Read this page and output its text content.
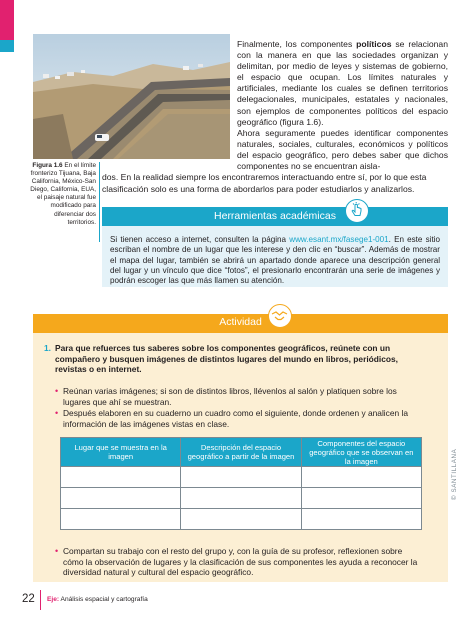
Figura 1.6 En el límite fronterizo Tijuana, Baja California, México-San Diego, California, EUA, el paisaje natural fue modificado para diferenciar dos territorios.
Finalmente, los componentes políticos se relacionan con la manera en que las sociedades organizan y delimitan, por medio de leyes y sistemas de gobierno, el espacio que ocupan. Los límites naturales y artificiales, mediante los cuales se definen territorios delegacionales, municipales, estatales y nacionales, son ejemplos de componentes políticos del espacio geográfico (figura 1.6).
Ahora seguramente puedes identificar componentes naturales, sociales, culturales, económicos y políticos del espacio geográfico, pero debes saber que dichos componentes no se encuentran aisla-
dos. En la realidad siempre los encontraremos interactuando entre sí, por lo que esta
clasificación solo es una forma de abordarlos para poder estudiarlos y analizarlos.
Herramientas académicas
Si tienen acceso a internet, consulten la página www.esant.mx/fasege1-001. En este sitio escriban el nombre de un lugar que les interese y den clic en “buscar”. Además de mostrar el mapa del lugar, también se abrirá un apartado donde aparece una descripción general del lugar y un vínculo que dice “fotos”, el presionarlo encontrarán una serie de imágenes y podrán escoger las que más llamen su atención.
Actividad
1. Para que refuerces tus saberes sobre los componentes geográficos, reúnete con un compañero y busquen imágenes de distintos lugares del mundo en libros, periódicos, revistas o en internet.
• Reúnan varias imágenes; si son de distintos libros, llévenlos al salón y platiquen sobre los lugares que ahí se muestran.
• Después elaboren en su cuaderno un cuadro como el siguiente, donde ordenen y analicen la información de las imágenes vistas en clase.
Lugar que se muestra en la imagen	Descripción del espacio geográfico a partir de la imagen	Componentes del espacio geográfico que se observan en la imagen

• Compartan su trabajo con el resto del grupo y, con la guía de su profesor, reflexionen sobre cómo la observación de lugares y la clasificación de sus componentes les ayuda a reconocer la diversidad natural y cultural del espacio geográfico.
© SANTILLANA
22 Eje: Análisis espacial y cartografía
